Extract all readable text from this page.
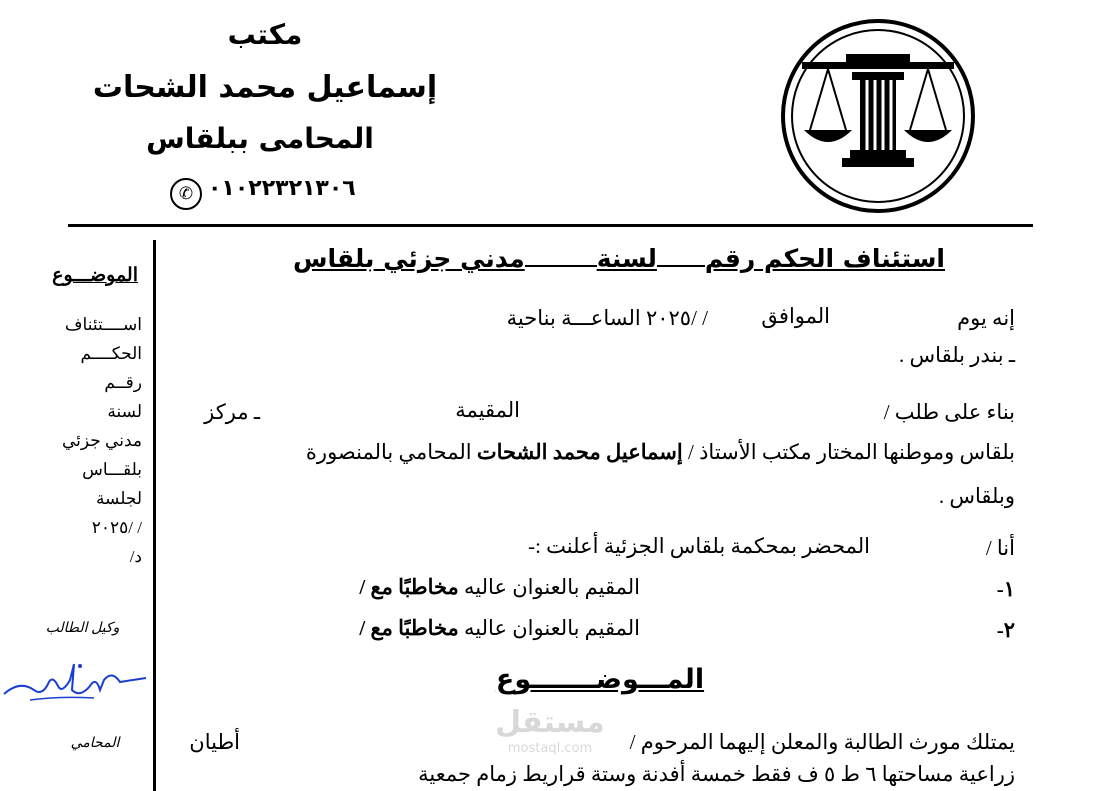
مكتب
إسماعيل محمد الشحات
المحامى ببلقاس
✆ ٠١٠٢٢٣٢١٣٠٦
الموضـــوع
اســــتئناف
الحكــــم
رقــم
لسنة
مدني جزئي
بلقـــاس
لجلسة
/ /٢٠٢٥
د/
وكيل الطالب
المحامي
استئناف الحكم رقملسنةمدني جزئي بلقاس
إنه يوم
الموافق
/ /٢٠٢٥ الساعـــة بناحية
ـ بندر بلقاس .
بناء على طلب /
المقيمة
ـ مركز
بلقاس وموطنها المختار مكتب الأستاذ / إسماعيل محمد الشحات المحامي بالمنصورة
وبلقاس .
أنا /
المحضر بمحكمة بلقاس الجزئية أعلنت :-
١-
المقيم بالعنوان عاليه مخاطبًا مع /
٢-
المقيم بالعنوان عاليه مخاطبًا مع /
المـــوضـــــــوع
مستقل
mostaql.com	يمتلك مورث الطالبة والمعلن إليهما المرحوم /
أطيان
زراعية مساحتها ٦ ط ٥ ف فقط خمسة أفدنة وستة قراريط زمام جمعية
